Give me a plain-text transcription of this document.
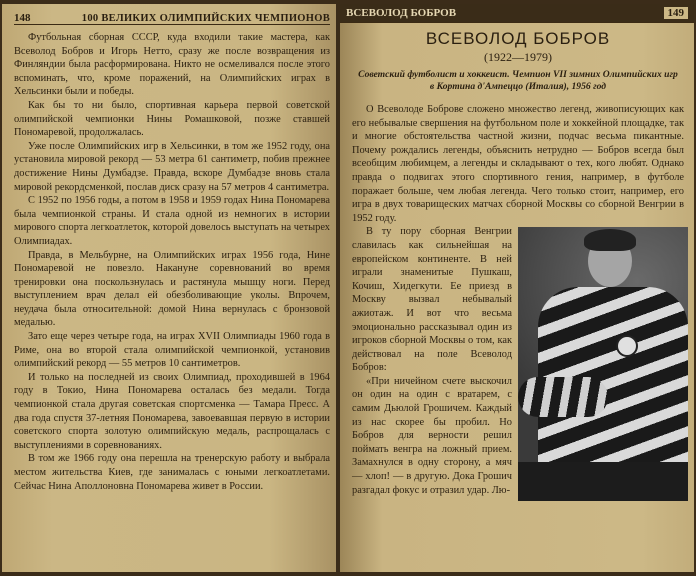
148	100 ВЕЛИКИХ ОЛИМПИЙСКИХ ЧЕМПИОНОВ

Футбольная сборная СССР, куда входили такие мастера, как Всеволод Бобров и Игорь Нетто, сразу же после возвращения из Финляндии была расформирована. Никто не осмеливался после этого вспоминать, что, кроме поражений, на Олимпийских играх в Хельсинки были и победы.

Как бы то ни было, спортивная карьера первой советской олимпийской чемпионки Нины Ромашковой, позже ставшей Пономаревой, продолжалась.

Уже после Олимпийских игр в Хельсинки, в том же 1952 году, она установила мировой рекорд — 53 метра 61 сантиметр, побив прежнее достижение Нины Думбадзе. Правда, вскоре Думбадзе вновь стала мировой рекордсменкой, послав диск сразу на 57 метров 4 сантиметра.

С 1952 по 1956 годы, а потом в 1958 и 1959 годах Нина Пономарева была чемпионкой страны. И стала одной из немногих в истории мирового спорта легкоатлеток, которой довелось выступать на четырех Олимпиадах.

Правда, в Мельбурне, на Олимпийских играх 1956 года, Нине Пономаревой не повезло. Накануне соревнований во время тренировки она поскользнулась и растянула мышцу ноги. Перед выступлением врач делал ей обезболивающие уколы. Впрочем, неудача была относительной: домой Нина вернулась с бронзовой медалью.

Зато еще через четыре года, на играх XVII Олимпиады 1960 года в Риме, она во второй стала олимпийской чемпионкой, установив олимпийский рекорд — 55 метров 10 сантиметров.

И только на последней из своих Олимпиад, проходившей в 1964 году в Токио, Нина Пономарева осталась без медали. Тогда чемпионкой стала другая советская спортсменка — Тамара Пресс. А два года спустя 37-летняя Пономарева, завоевавшая первую в истории советского спорта золотую олимпийскую медаль, распрощалась с выступлениями в соревнованиях.

В том же 1966 году она перешла на тренерскую работу и выбрала местом жительства Киев, где занималась с юными легкоатлетами. Сейчас Нина Аполлоновна Пономарева живет в России.

ВСЕВОЛОД БОБРОВ	149
ВСЕВОЛОД БОБРОВ
(1922—1979)
Советский футболист и хоккеист. Чемпион VII зимних Олимпийских игр в Кортина д'Ампеццо (Италия), 1956 год

О Всеволоде Боброве сложено множество легенд, живописующих как его небывалые свершения на футбольном поле и хоккейной площадке, так и многие обстоятельства частной жизни, подчас весьма пикантные. Почему рождались легенды, объяснить нетрудно — Бобров всегда был всеобщим любимцем, а легенды и складывают о тех, кого любят. Однако правда о подвигах этого спортивного гения, например, в футболе поражает больше, чем любая легенда. Чего только стоит, например, его игра в двух товарищеских матчах сборной Москвы со сборной Венгрии в 1952 году.

В ту пору сборная Венгрии славилась как сильнейшая на европейском континенте. В ней играли знаменитые Пушкаш, Кочиш, Хидегкути. Ее приезд в Москву вызвал небывалый ажиотаж. И вот что весьма эмоционально рассказывал один из игроков сборной Москвы о том, как действовал на поле Всеволод Бобров:

«При ничейном счете выскочил он один на один с вратарем, с самим Дьюлой Грошичем. Каждый из нас скорее бы пробил. Но Бобров для верности решил поймать венгра на ложный прием. Замахнулся в одну сторону, а мяч — хлоп! — в другую. Дока Грошич разгадал фокус и отразил удар. Лю-
